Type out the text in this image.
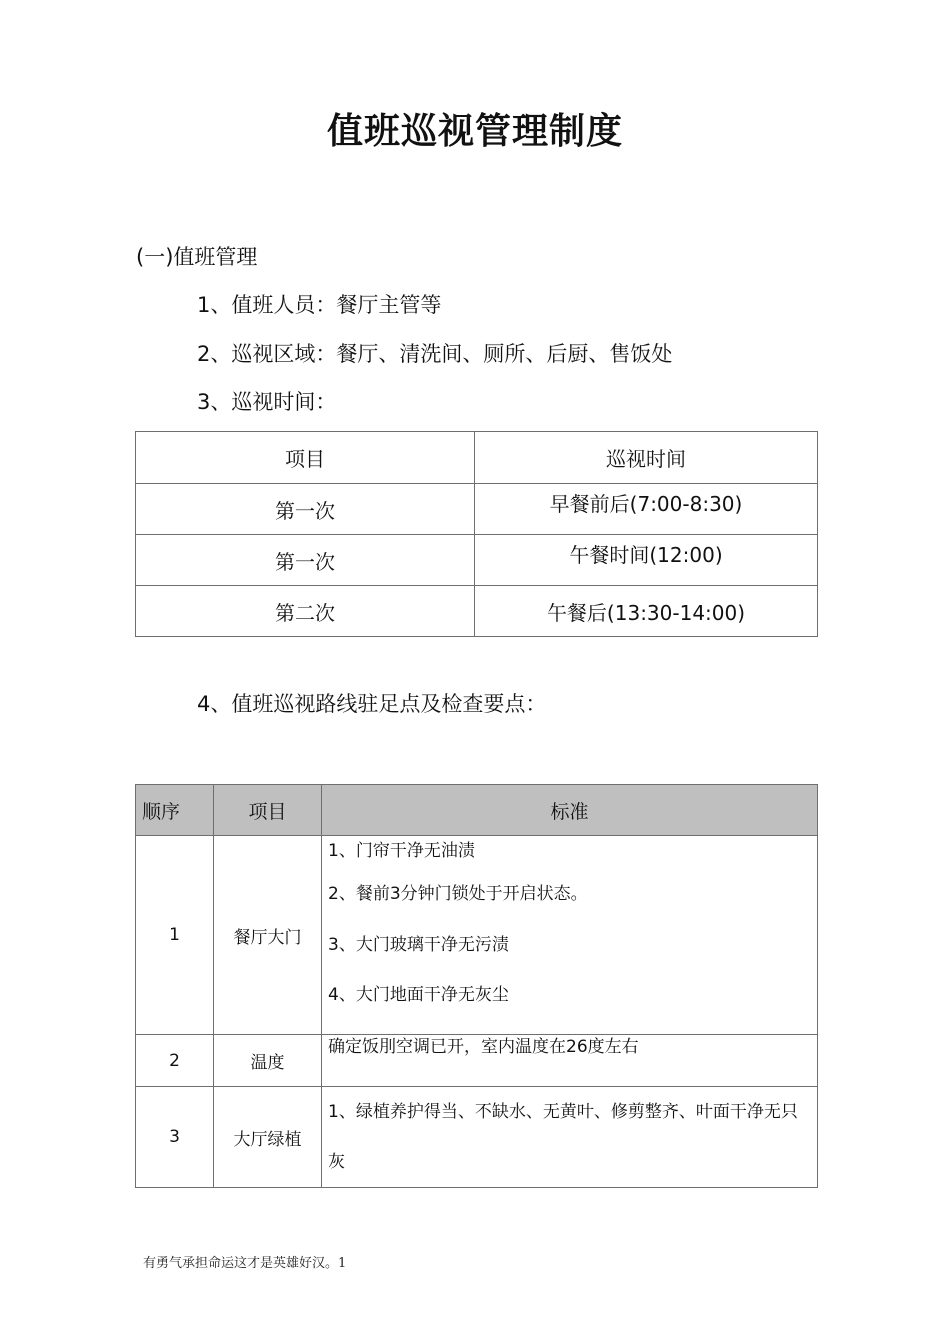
值班巡视管理制度
(一)值班管理
1、值班人员：餐厅主管等
2、巡视区域：餐厅、清洗间、厕所、后厨、售饭处
3、巡视时间：
项目	巡视时间
第一次	早餐前后(7:00-8:30)
第一次	午餐时间(12:00)
第二次	午餐后(13:30-14:00)
4、值班巡视路线驻足点及检查要点：
顺序	项目	标准
1	餐厅大门	1、门帘干净无油渍

2、餐前3分钟门锁处于开启状态。

3、大门玻璃干净无污渍

4、大门地面干净无灰尘

2	温度	确定饭刖空调已开，室内温度在26度左右

3	大厅绿植	1、绿植养护得当、不缺水、无黄叶、修剪整齐、叶面干净无只灰

有勇气承担命运这才是英雄好汉。1
